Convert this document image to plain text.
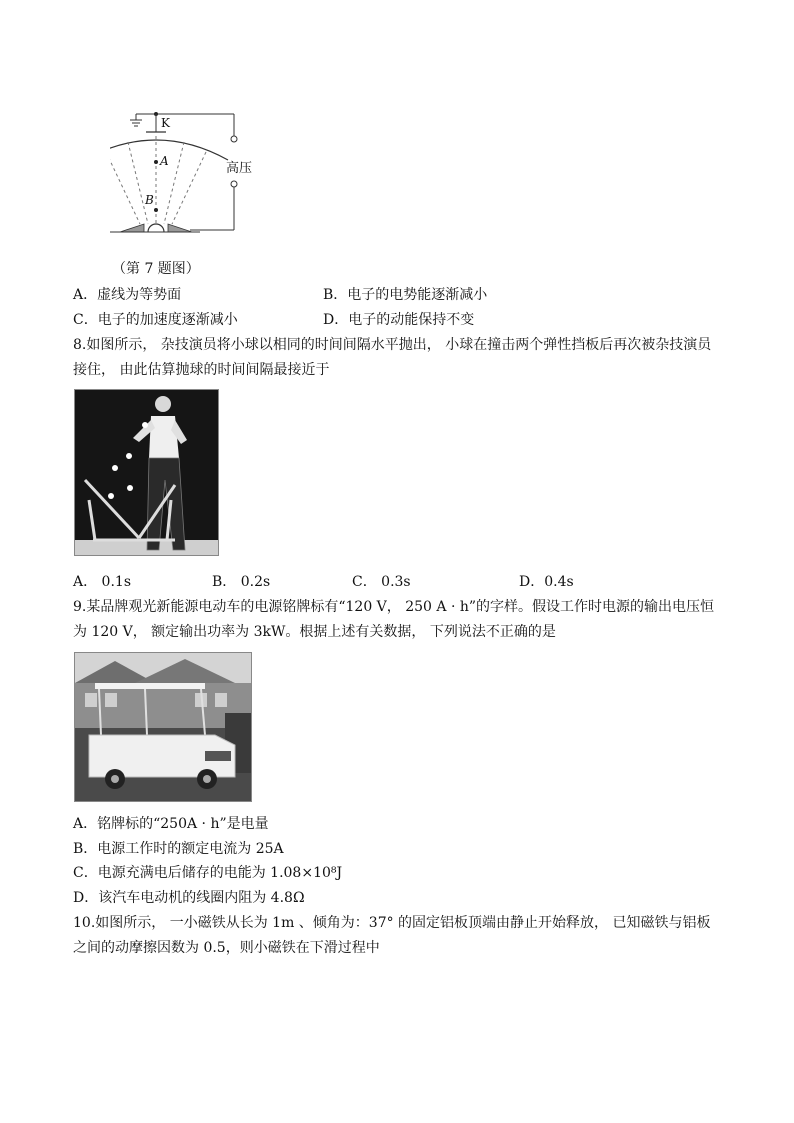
K
A
B
高压
（第 7 题图）
A．虚线为等势面	B．电子的电势能逐渐减小
C．电子的加速度逐渐减小	D．电子的动能保持不变
8.如图所示， 杂技演员将小球以相同的时间间隔水平抛出， 小球在撞击两个弹性挡板后再次被杂技演员
接住， 由此估算抛球的时间间隔最接近于
A． 0.1s	B． 0.2s	C． 0.3s	D．0.4s
9.某品牌观光新能源电动车的电源铭牌标有“120 V， 250 A · h”的字样。假设工作时电源的输出电压恒
为 120 V， 额定输出功率为 3kW。根据上述有关数据， 下列说法不正确的是
A．铭牌标的“250A · h”是电量
B．电源工作时的额定电流为 25A
C．电源充满电后储存的电能为 1.08×10⁸J
D．该汽车电动机的线圈内阻为 4.8Ω
10.如图所示， 一小磁铁从长为 1m 、倾角为：37° 的固定铝板顶端由静止开始释放， 已知磁铁与铝板
之间的动摩擦因数为 0.5，则小磁铁在下滑过程中
